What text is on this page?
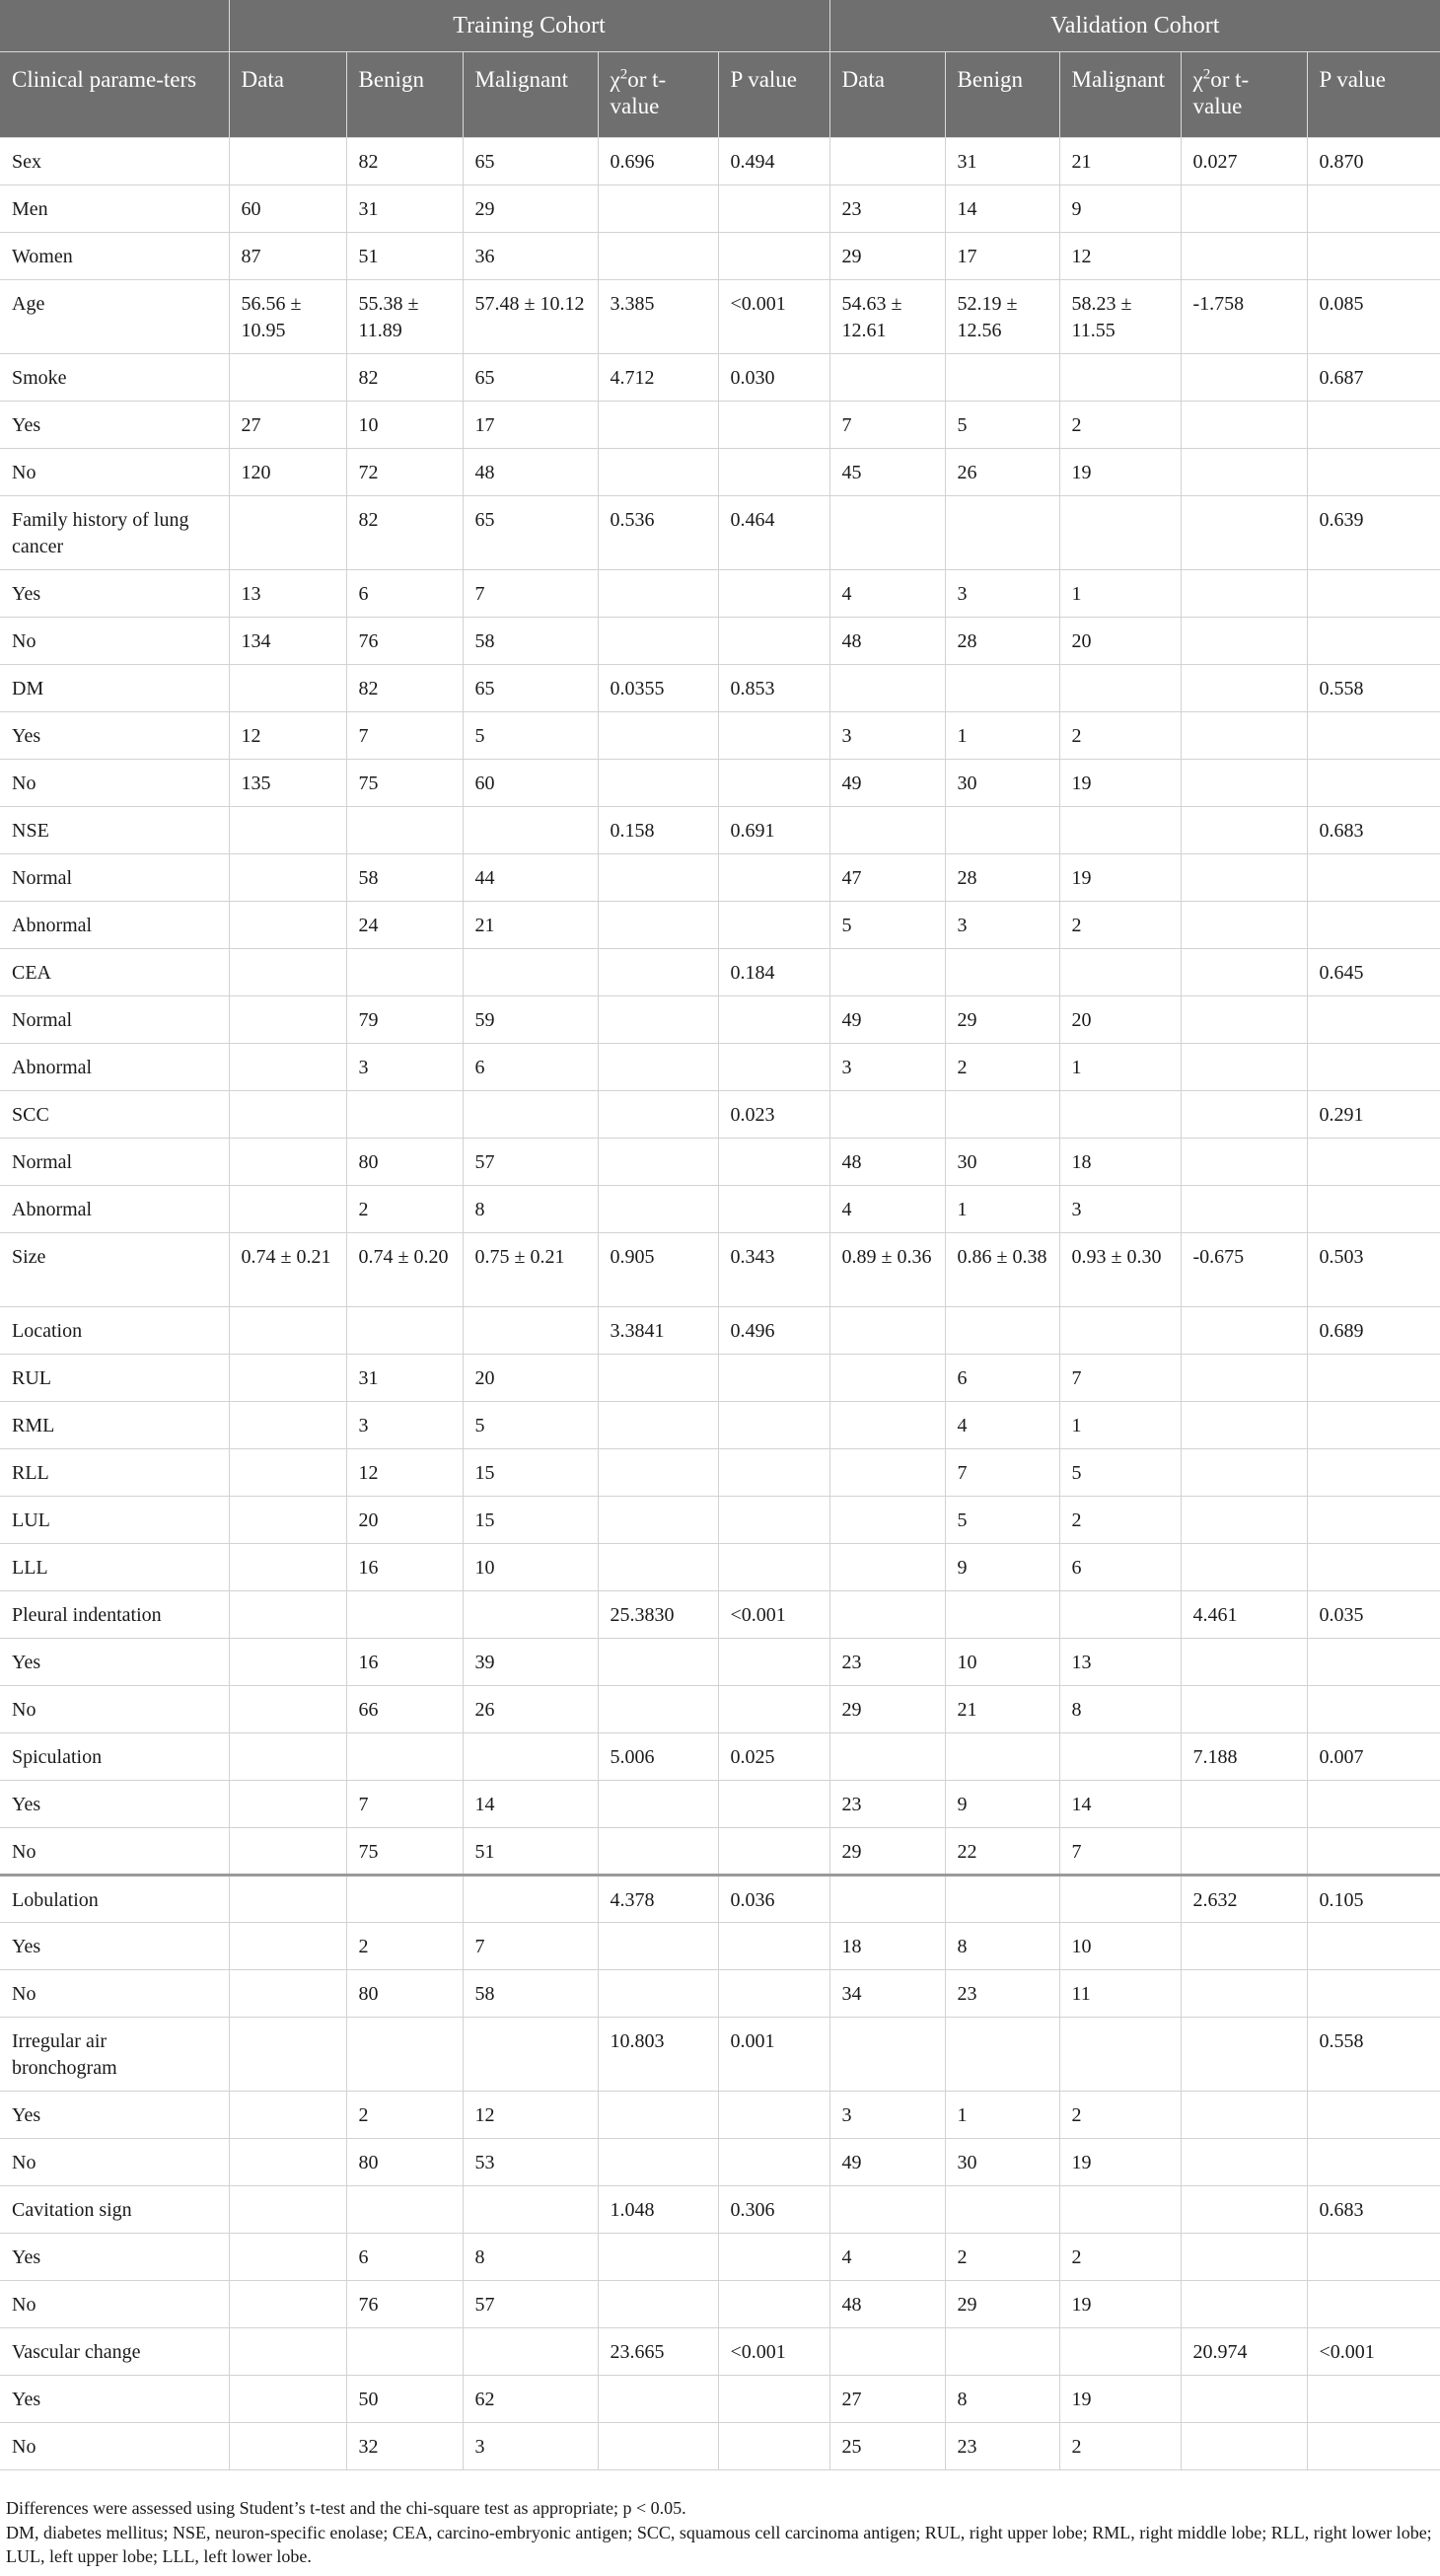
	Training Cohort					Validation Cohort				
Clinical parame-ters	Data	Benign	Malignant	$\chi^2or$ t-value	P value	Data	Benign	Malignant	$\chi^2or$ t-value	P value

Sex		82	65	0.696	0.494		31	21	0.027	0.870

Men	60	31	29			23	14	9		

Women	87	51	36			29	17	12		

Age	56.56 ± 10.95	55.38 ± 11.89	57.48 ± 10.12	3.385	<0.001	54.63 ± 12.61	52.19 ± 12.56	58.23 ± 11.55	-1.758	0.085

Smoke		82	65	4.712	0.030					0.687

Yes	27	10	17			7	5	2		

No	120	72	48			45	26	19		

Family history of lung cancer		82	65	0.536	0.464					0.639

Yes	13	6	7			4	3	1		

No	134	76	58			48	28	20		

DM		82	65	0.0355	0.853					0.558

Yes	12	7	5			3	1	2		

No	135	75	60			49	30	19		

NSE				0.158	0.691					0.683

Normal		58	44			47	28	19		

Abnormal		24	21			5	3	2		

CEA					0.184					0.645

Normal		79	59			49	29	20		

Abnormal		3	6			3	2	1		

SCC					0.023					0.291

Normal		80	57			48	30	18		

Abnormal		2	8			4	1	3		

Size	0.74 ± 0.21	0.74 ± 0.20	0.75 ± 0.21	0.905	0.343	0.89 ± 0.36	0.86 ± 0.38	0.93 ± 0.30	-0.675	0.503

Location				3.3841	0.496					0.689

RUL		31	20				6	7		

RML		3	5				4	1		

RLL		12	15				7	5		

LUL		20	15				5	2		

LLL		16	10				9	6		

Pleural indentation				25.3830	<0.001				4.461	0.035

Yes		16	39			23	10	13		

No		66	26			29	21	8		

Spiculation				5.006	0.025				7.188	0.007

Yes		7	14			23	9	14		

No		75	51			29	22	7		

Lobulation				4.378	0.036				2.632	0.105

Yes		2	7			18	8	10		

No		80	58			34	23	11		

Irregular air bronchogram				10.803	0.001					0.558

Yes		2	12			3	1	2		

No		80	53			49	30	19		

Cavitation sign				1.048	0.306					0.683

Yes		6	8			4	2	2		

No		76	57			48	29	19		

Vascular change				23.665	<0.001				20.974	<0.001

Yes		50	62			27	8	19		

No		32	3			25	23	2		

Differences were assessed using Student’s t-test and the chi-square test as appropriate; p < 0.05.

DM, diabetes mellitus; NSE, neuron-specific enolase; CEA, carcino-embryonic antigen; SCC, squamous cell carcinoma antigen; RUL, right upper lobe; RML, right middle lobe; RLL, right lower lobe; LUL, left upper lobe; LLL, left lower lobe.
